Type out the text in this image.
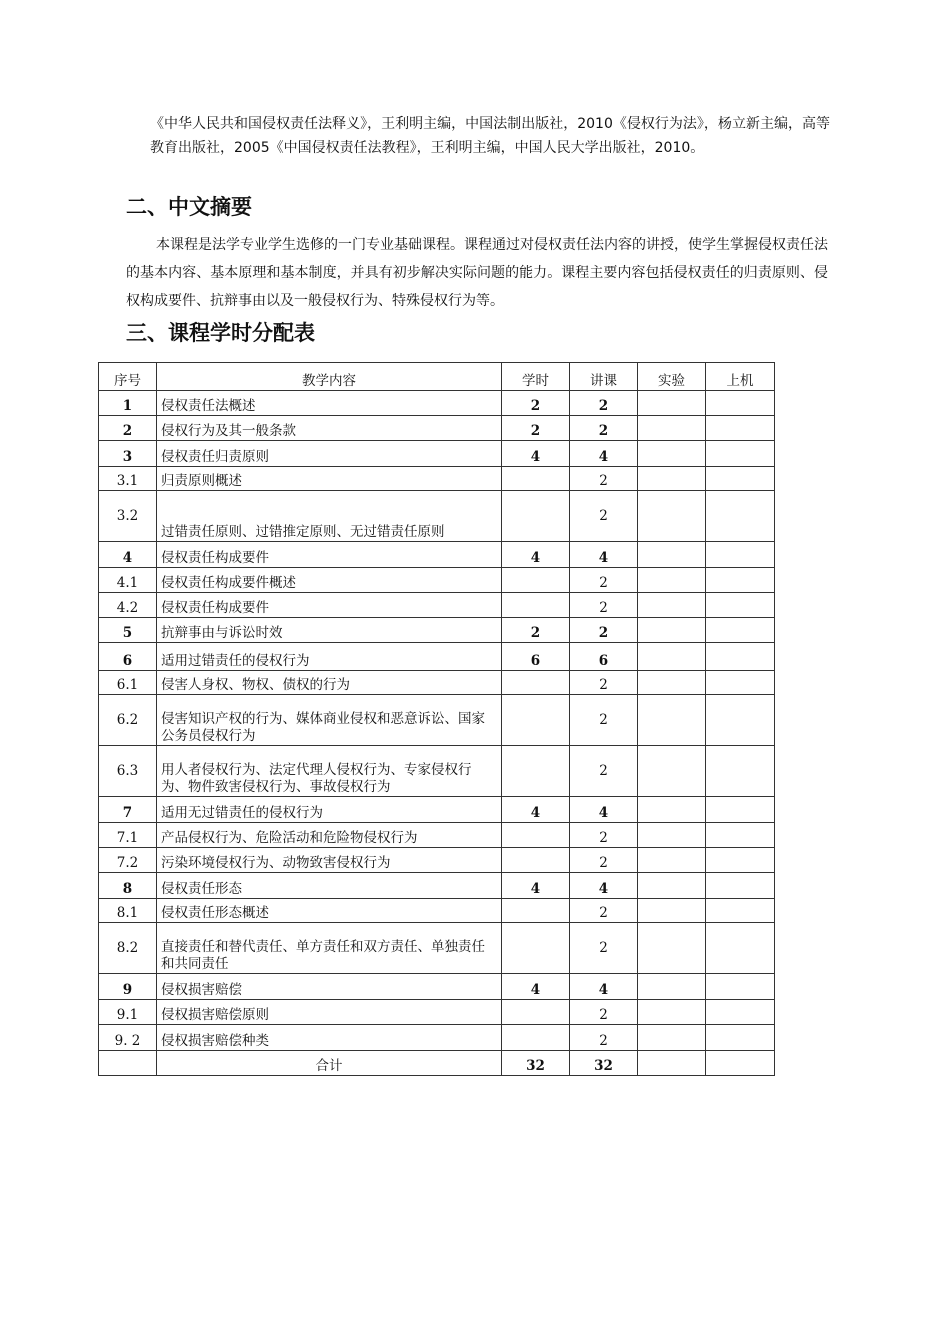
《中华人民共和国侵权责任法释义》，王利明主编，中国法制出版社，2010《侵权行为法》，杨立新主编，高等教育出版社，2005《中国侵权责任法教程》，王利明主编，中国人民大学出版社，2010。

二、中文摘要

本课程是法学专业学生选修的一门专业基础课程。课程通过对侵权责任法内容的讲授，使学生掌握侵权责任法的基本内容、基本原理和基本制度，并具有初步解决实际问题的能力。课程主要内容包括侵权责任的归责原则、侵权构成要件、抗辩事由以及一般侵权行为、特殊侵权行为等。

三、课程学时分配表
序号	教学内容	学时	讲课	实验	上机
1	侵权责任法概述	2	2		
2	侵权行为及其一般条款	2	2		
3	侵权责任归责原则	4	4		
3.1	归责原则概述		2		
3.2	过错责任原则、过错推定原则、无过错责任原则		2		
4	侵权责任构成要件	4	4		
4.1	侵权责任构成要件概述		2		
4.2	侵权责任构成要件		2		
5	抗辩事由与诉讼时效	2	2		
6	适用过错责任的侵权行为	6	6		
6.1	侵害人身权、物权、债权的行为		2		
6.2	侵害知识产权的行为、媒体商业侵权和恶意诉讼、国家公务员侵权行为		2		
6.3	用人者侵权行为、法定代理人侵权行为、专家侵权行为、物件致害侵权行为、事故侵权行为		2		
7	适用无过错责任的侵权行为	4	4		
7.1	产品侵权行为、危险活动和危险物侵权行为		2		
7.2	污染环境侵权行为、动物致害侵权行为		2		
8	侵权责任形态	4	4		
8.1	侵权责任形态概述		2		
8.2	直接责任和替代责任、单方责任和双方责任、单独责任和共同责任		2		
9	侵权损害赔偿	4	4		
9.1	侵权损害赔偿原则		2		
9. 2	侵权损害赔偿种类		2		
	合计	32	32		
